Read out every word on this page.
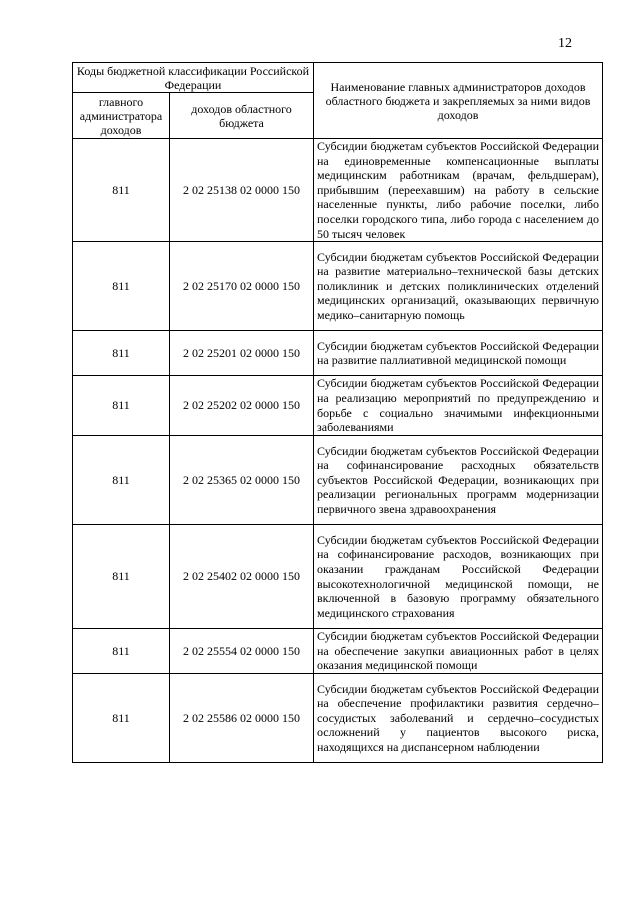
12
Коды бюджетной классификации Российской Федерации		Наименование главных администраторов доходов областного бюджета и закрепляемых за ними видов доходов
главного администратора доходов	доходов областного бюджета	
811	2 02 25138 02 0000 150	Субсидии бюджетам субъектов Российской Федерации на единовременные компенсационные выплаты медицинским работникам (врачам, фельдшерам), прибывшим (переехавшим) на работу в сельские населенные пункты, либо рабочие поселки, либо поселки городского типа, либо города с населением до 50 тысяч человек
811	2 02 25170 02 0000 150	Субсидии бюджетам субъектов Российской Федерации на развитие материально–технической базы детских поликлиник и детских поликлинических отделений медицинских организаций, оказывающих первичную медико–санитарную помощь
811	2 02 25201 02 0000 150	Субсидии бюджетам субъектов Российской Федерации на развитие паллиативной медицинской помощи
811	2 02 25202 02 0000 150	Субсидии бюджетам субъектов Российской Федерации на реализацию мероприятий по предупреждению и борьбе с социально значимыми инфекционными заболеваниями
811	2 02 25365 02 0000 150	Субсидии бюджетам субъектов Российской Федерации на софинансирование расходных обязательств субъектов Российской Федерации, возникающих при реализации региональных программ модернизации первичного звена здравоохранения
811	2 02 25402 02 0000 150	Субсидии бюджетам субъектов Российской Федерации на софинансирование расходов, возникающих при оказании гражданам Российской Федерации высокотехнологичной медицинской помощи, не включенной в базовую программу обязательного медицинского страхования
811	2 02 25554 02 0000 150	Субсидии бюджетам субъектов Российской Федерации на обеспечение закупки авиационных работ в целях оказания медицинской помощи
811	2 02 25586 02 0000 150	Субсидии бюджетам субъектов Российской Федерации на обеспечение профилактики развития сердечно–сосудистых заболеваний и сердечно–сосудистых осложнений у пациентов высокого риска, находящихся на диспансерном наблюдении
